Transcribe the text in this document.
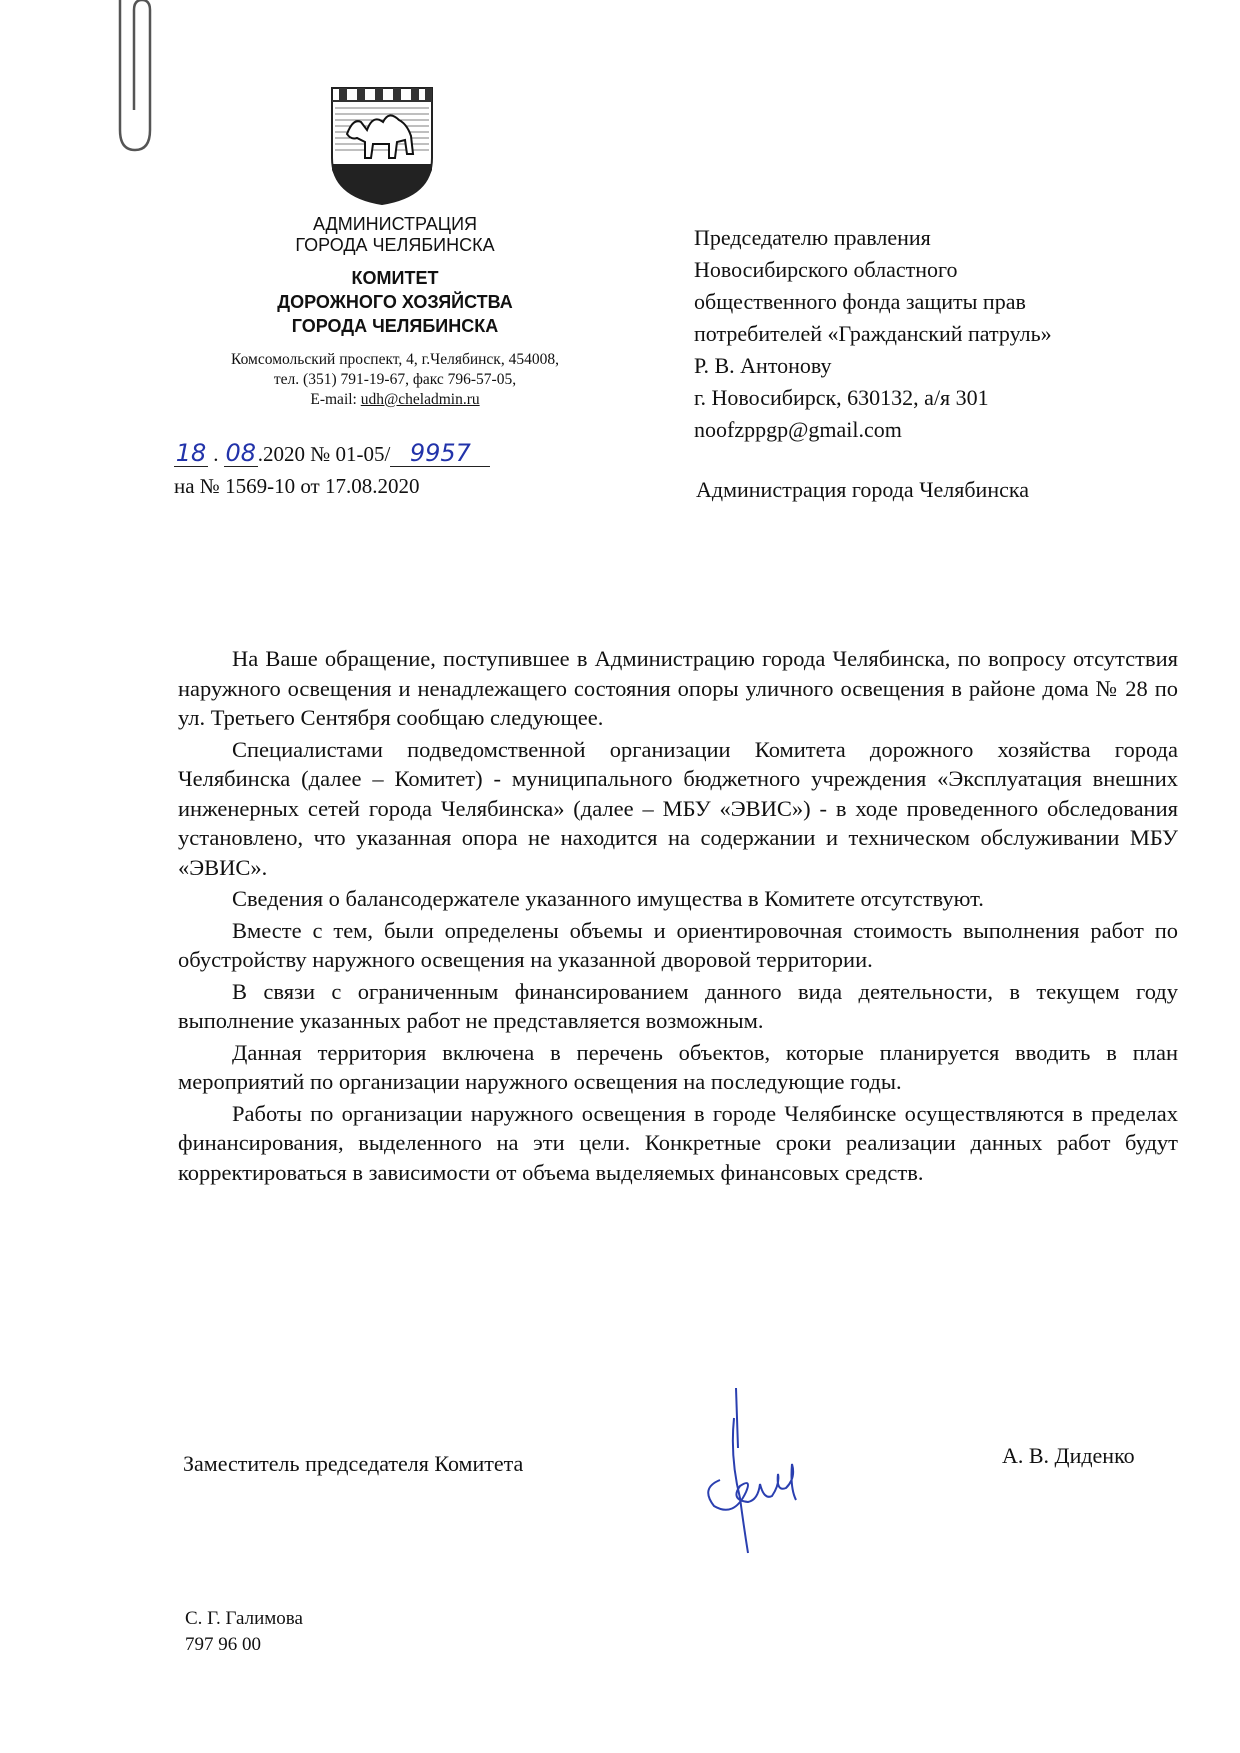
АДМИНИСТРАЦИЯ
ГОРОДА ЧЕЛЯБИНСКА
КОМИТЕТ
ДОРОЖНОГО ХОЗЯЙСТВА
ГОРОДА ЧЕЛЯБИНСКА
Комсомольский проспект, 4, г.Челябинск, 454008,
тел. (351) 791-19-67, факс 796-57-05,
E-mail: udh@cheladmin.ru
18 . 08.2020 № 01-05/ 9957
на № 1569-10 от 17.08.2020
Председателю правления
Новосибирского областного
общественного фонда защиты прав
потребителей «Гражданский патруль»
Р. В. Антонову
г. Новосибирск, 630132, а/я 301
noofzppgp@gmail.com
Администрация города Челябинска

На Ваше обращение, поступившее в Администрацию города Челябинска, по вопросу отсутствия наружного освещения и ненадлежащего состояния опоры уличного освещения в районе дома № 28 по ул. Третьего Сентября сообщаю следующее.

Специалистами подведомственной организации Комитета дорожного хозяйства города Челябинска (далее – Комитет) - муниципального бюджетного учреждения «Эксплуатация внешних инженерных сетей города Челябинска» (далее – МБУ «ЭВИС») - в ходе проведенного обследования установлено, что указанная опора не находится на содержании и техническом обслуживании МБУ «ЭВИС».

Сведения о балансодержателе указанного имущества в Комитете отсутствуют.

Вместе с тем, были определены объемы и ориентировочная стоимость выполнения работ по обустройству наружного освещения на указанной дворовой территории.

В связи с ограниченным финансированием данного вида деятельности, в текущем году выполнение указанных работ не представляется возможным.

Данная территория включена в перечень объектов, которые планируется вводить в план мероприятий по организации наружного освещения на последующие годы.

Работы по организации наружного освещения в городе Челябинске осуществляются в пределах финансирования, выделенного на эти цели. Конкретные сроки реализации данных работ будут корректироваться в зависимости от объема выделяемых финансовых средств.

Заместитель председателя Комитета	А. В. Диденко
С. Г. Галимова
797 96 00
